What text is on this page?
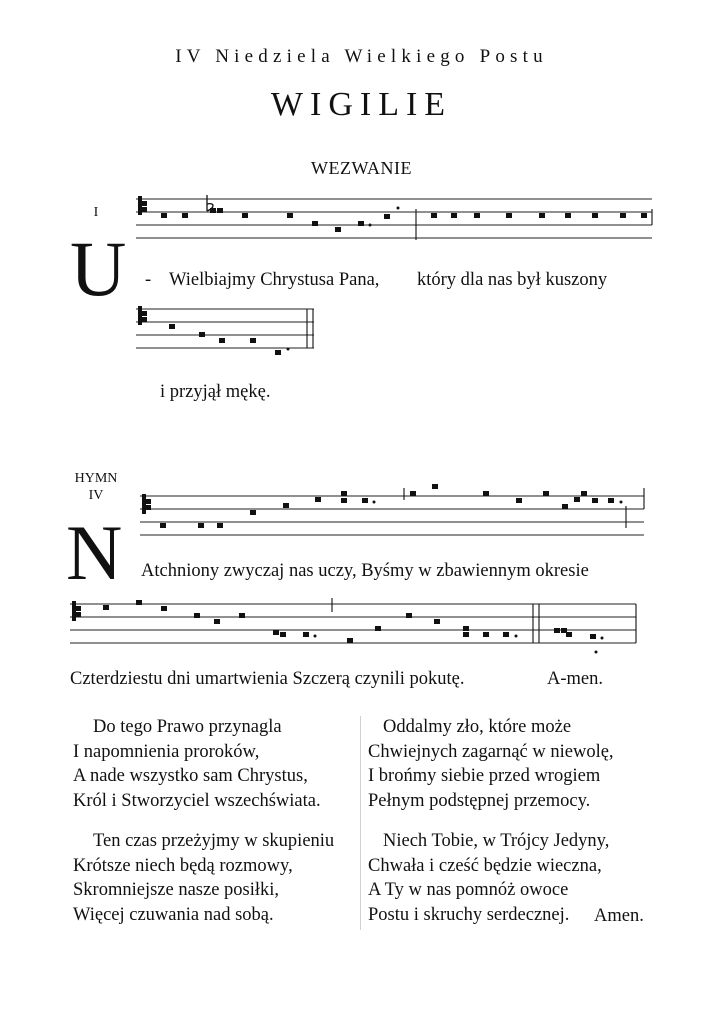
IV Niedziela Wielkiego Postu
WIGILIE
WEZWANIE
I
U - Wielbiajmy Chrystusa Pana, który dla nas był kuszony
i przyjął mękę.
HYMN
IV
N Atchniony zwyczaj nas uczy, Byśmy w zbawiennym okresie
Czterdziestu dni umartwienia Szczerą czynili pokutę.	A-men.

Do tego Prawo przynagla

I napomnienia proroków,

A nade wszystko sam Chrystus,

Król i Stworzyciel wszechświata.

Ten czas przeżyjmy w skupieniu

Krótsze niech będą rozmowy,

Skromniejsze nasze posiłki,

Więcej czuwania nad sobą.

Oddalmy zło, które może

Chwiejnych zagarnąć w niewolę,

I brońmy siebie przed wrogiem

Pełnym podstępnej przemocy.

Niech Tobie, w Trójcy Jedyny,

Chwała i cześć będzie wieczna,

A Ty w nas pomnóż owoce

Postu i skruchy serdecznej.	Amen.
